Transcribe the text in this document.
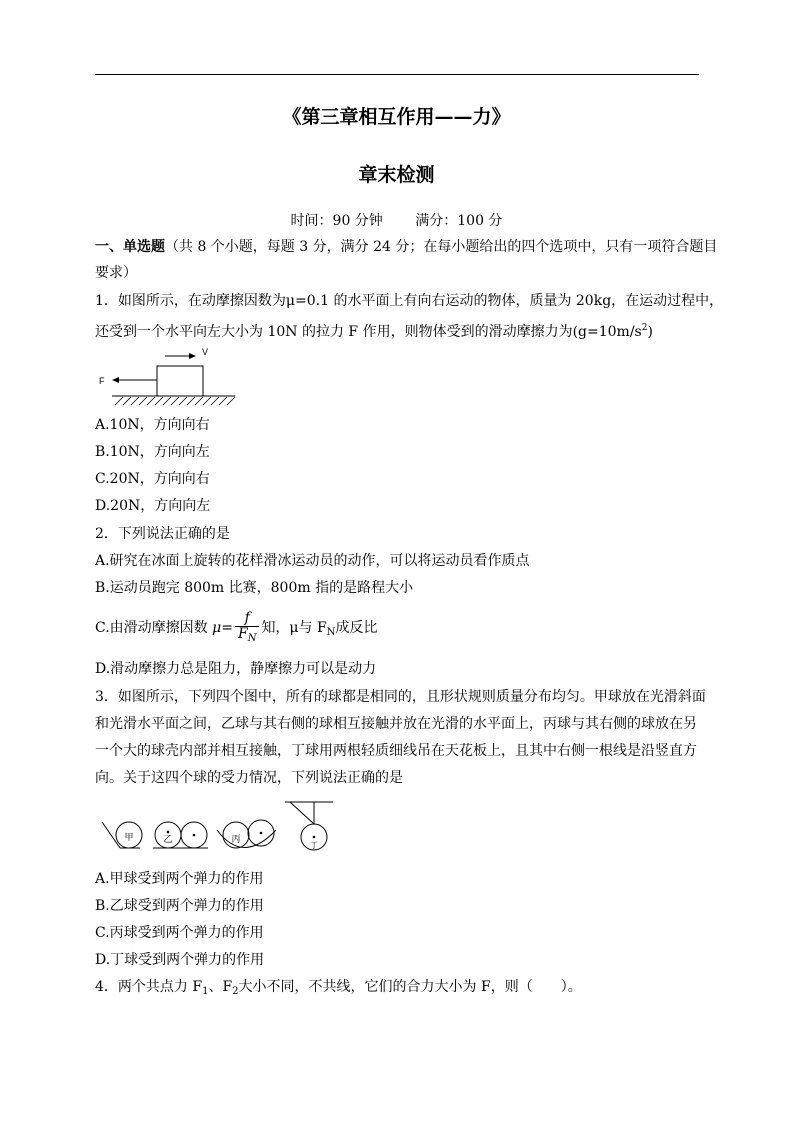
《第三章相互作用——力》
章末检测
时间：90 分钟 满分：100 分
一、单选题（共 8 个小题，每题 3 分，满分 24 分；在每小题给出的四个选项中，只有一项符合题目
要求）
1．如图所示，在动摩擦因数为μ=0.1 的水平面上有向右运动的物体，质量为 20kg，在运动过程中，
还受到一个水平向左大小为 10N 的拉力 F 作用，则物体受到的滑动摩擦力为$(g=10m/s^2)$
F
V
A.10N，方向向右
B.10N，方向向左
C.20N，方向向右
D.20N，方向向左
2．下列说法正确的是
A.研究在冰面上旋转的花样滑冰运动员的动作，可以将运动员看作质点
B.运动员跑完 800m 比赛，800m 指的是路程大小
C.由滑动摩擦因数 $\mu= \frac{f}{F_N}$ 知，μ与 $F_N$成反比
D.滑动摩擦力总是阻力，静摩擦力可以是动力
3．如图所示，下列四个图中，所有的球都是相同的，且形状规则质量分布均匀。甲球放在光滑斜面
和光滑水平面之间，乙球与其右侧的球相互接触并放在光滑的水平面上，丙球与其右侧的球放在另
一个大的球壳内部并相互接触，丁球用两根轻质细线吊在天花板上，且其中右侧一根线是沿竖直方
向。关于这四个球的受力情况，下列说法正确的是
甲	乙	丙
丁
A.甲球受到两个弹力的作用
B.乙球受到两个弹力的作用
C.丙球受到两个弹力的作用
D.丁球受到两个弹力的作用
4．两个共点力 $F_1$、$F_2$大小不同，不共线，它们的合力大小为 F，则（　　）。
